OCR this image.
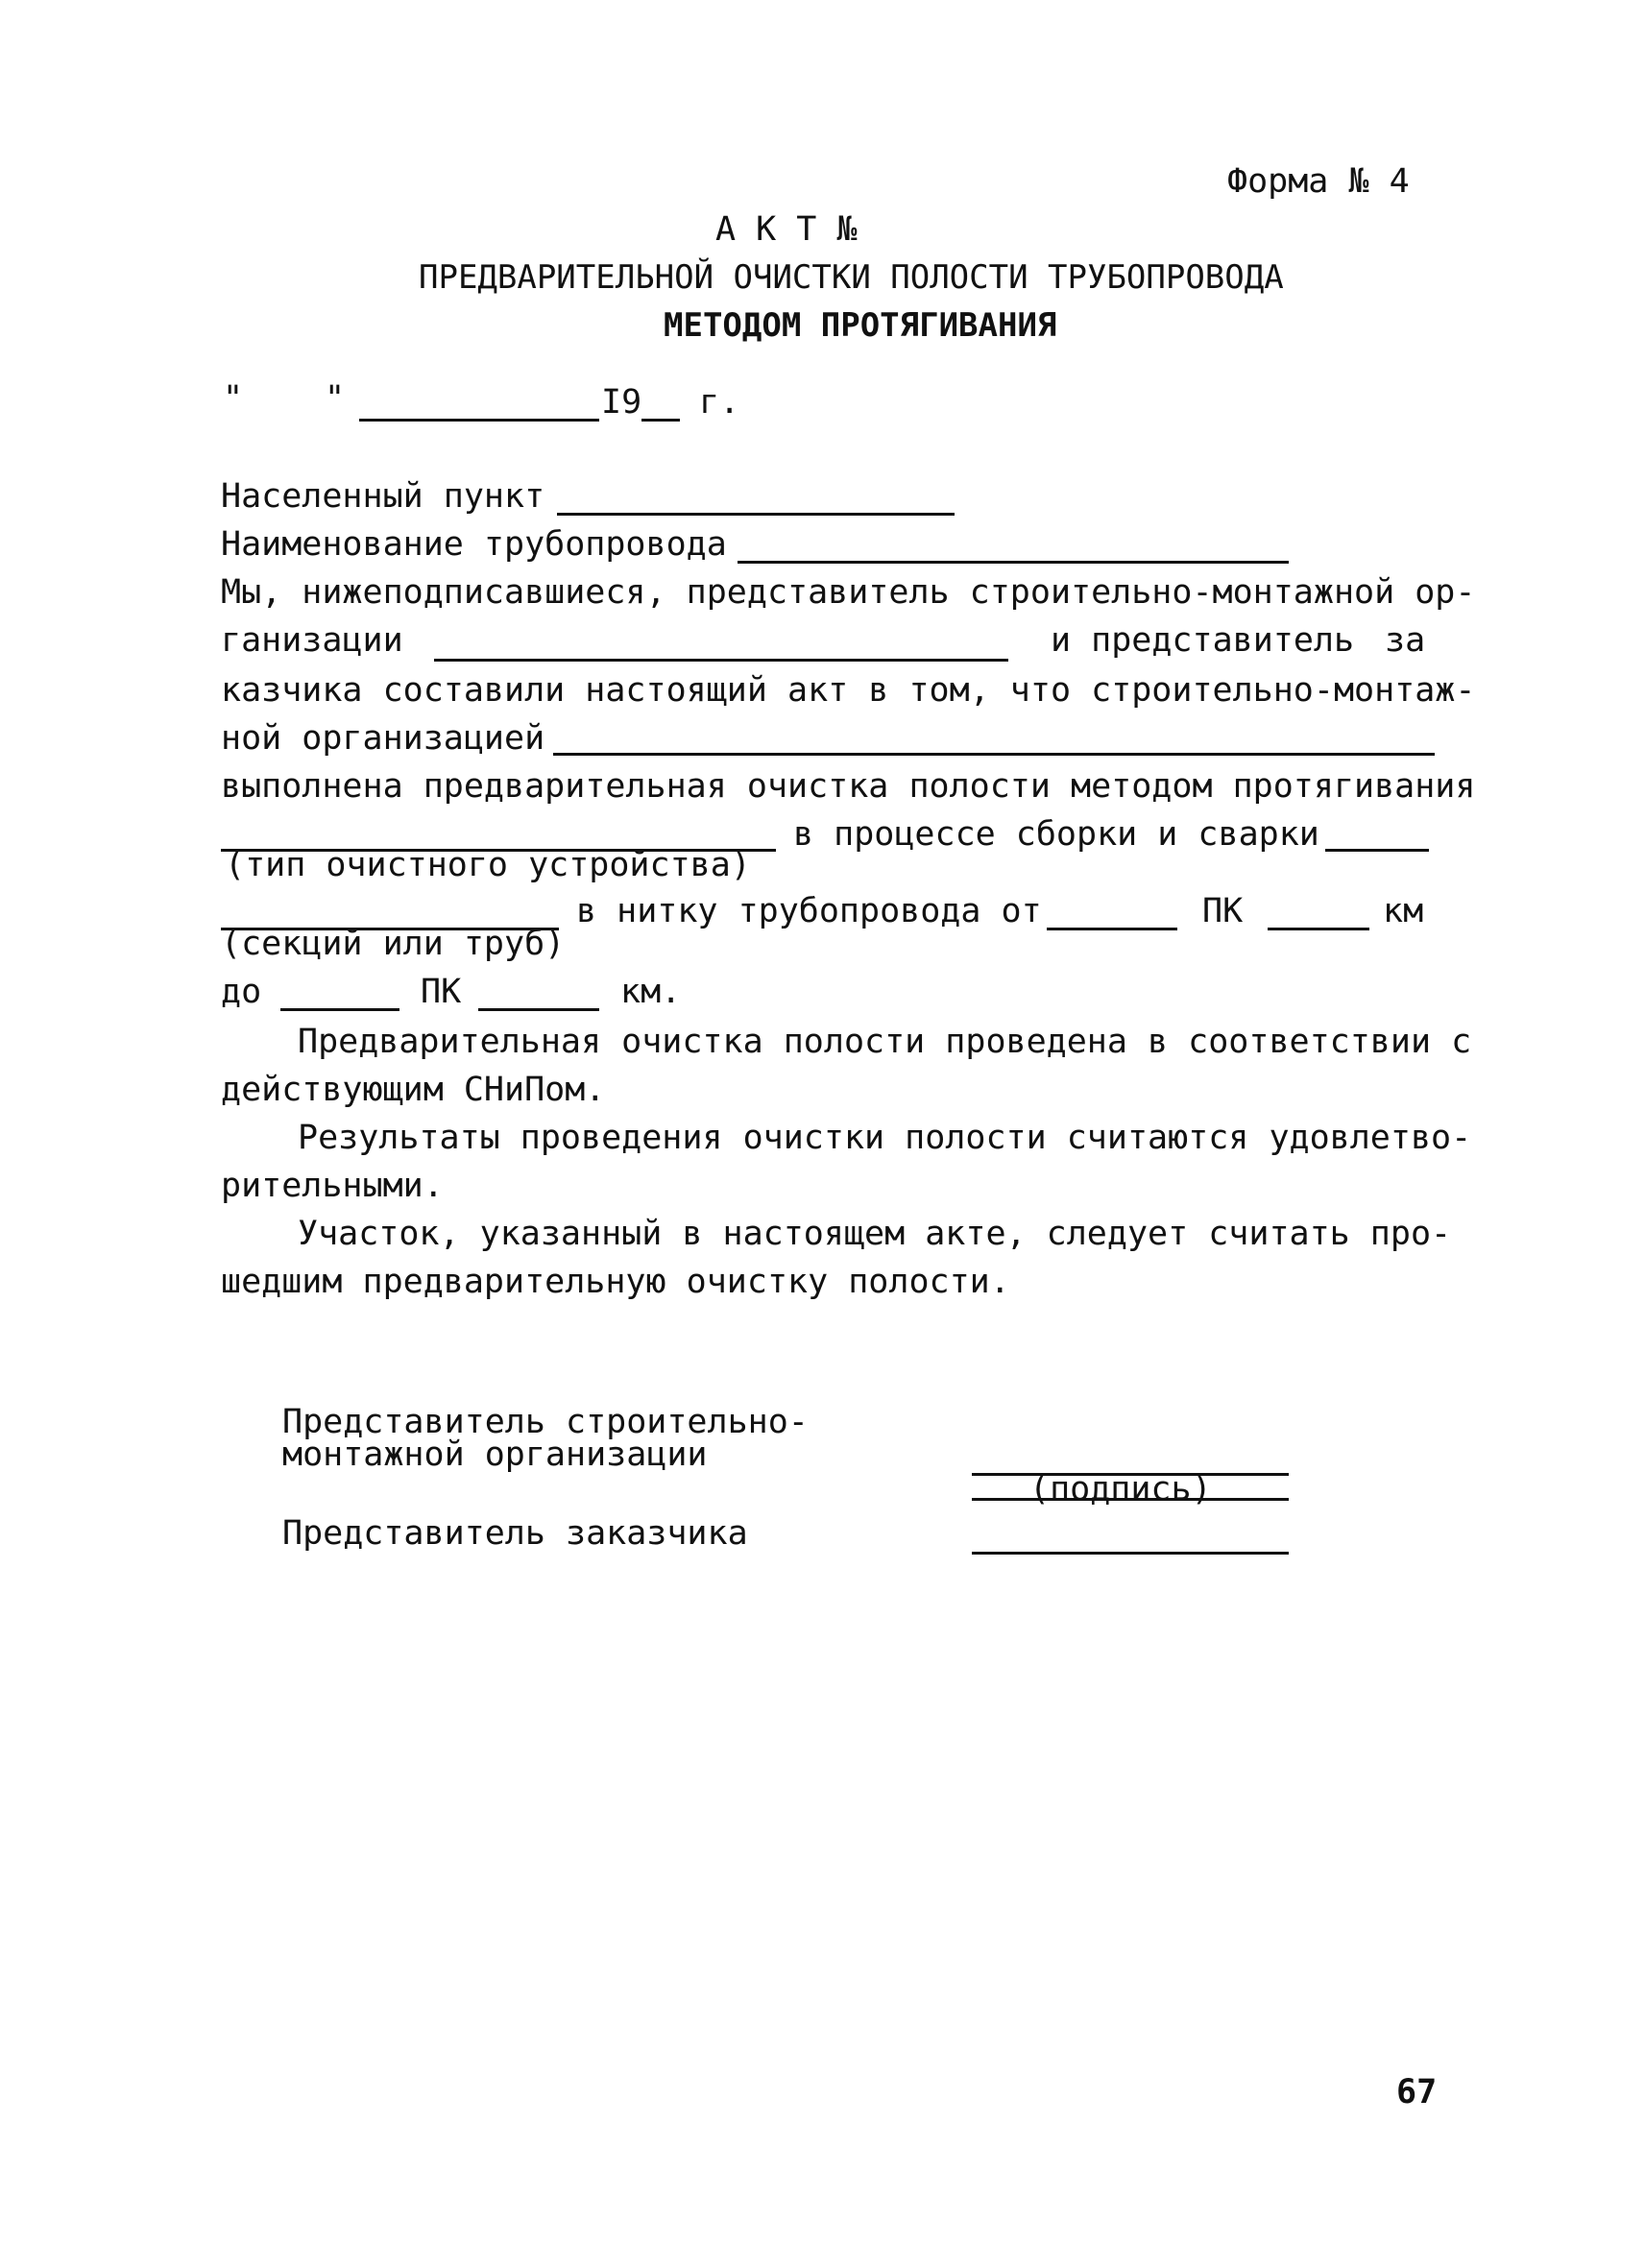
Форма № 4
А К Т №
ПРЕДВАРИТЕЛЬНОЙ ОЧИСТКИ ПОЛОСТИ ТРУБОПРОВОДА
МЕТОДОМ ПРОТЯГИВАНИЯ
" "	I9 г.
Населенный пункт
Наименование трубопровода
Мы, нижеподписавшиеся, представитель строительно-монтажной ор-
ганизации	и представитель за
казчика составили настоящий акт в том, что строительно-монтаж-
ной организацией
выполнена предварительная очистка полости методом протягивания
в процессе сборки и сварки
(тип очистного устройства)
в нитку трубопровода от	ПК	км
(секций или труб)
до	ПК	км.
Предварительная очистка полости проведена в соответствии с
действующим СНиПом.
Результаты проведения очистки полости считаются удовлетво-
рительными.
Участок, указанный в настоящем акте, следует считать про-
шедшим предварительную очистку полости.
Представитель строительно-
монтажной организации
(подпись)
Представитель заказчика
67
